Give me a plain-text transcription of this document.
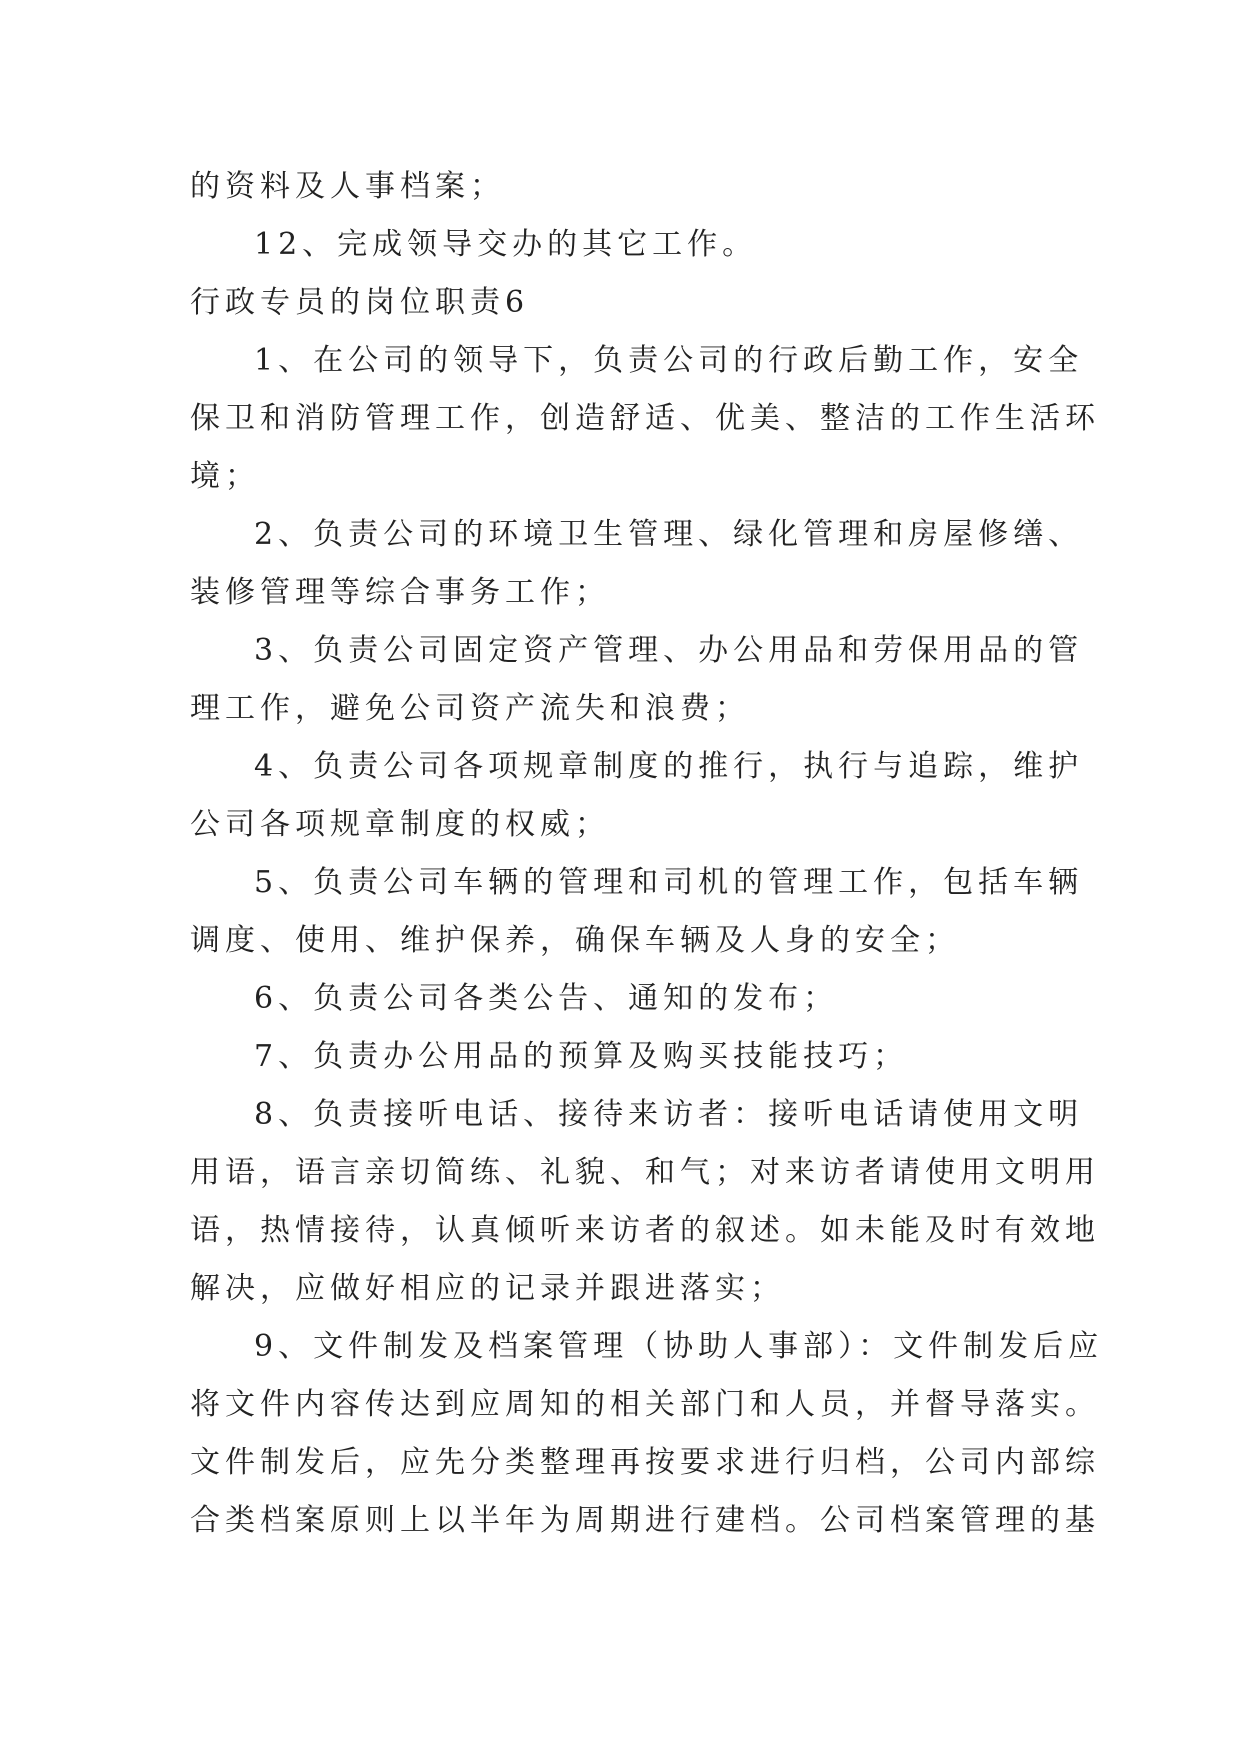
的资料及人事档案；
12、完成领导交办的其它工作。
行政专员的岗位职责6
1、在公司的领导下，负责公司的行政后勤工作，安全
保卫和消防管理工作，创造舒适、优美、整洁的工作生活环
境；
2、负责公司的环境卫生管理、绿化管理和房屋修缮、
装修管理等综合事务工作；
3、负责公司固定资产管理、办公用品和劳保用品的管
理工作，避免公司资产流失和浪费；
4、负责公司各项规章制度的推行，执行与追踪，维护
公司各项规章制度的权威；
5、负责公司车辆的管理和司机的管理工作，包括车辆
调度、使用、维护保养，确保车辆及人身的安全；
6、负责公司各类公告、通知的发布；
7、负责办公用品的预算及购买技能技巧；
8、负责接听电话、接待来访者：接听电话请使用文明
用语，语言亲切简练、礼貌、和气；对来访者请使用文明用
语，热情接待，认真倾听来访者的叙述。如未能及时有效地
解决，应做好相应的记录并跟进落实；
9、文件制发及档案管理（协助人事部）：文件制发后应
将文件内容传达到应周知的相关部门和人员，并督导落实。
文件制发后，应先分类整理再按要求进行归档，公司内部综
合类档案原则上以半年为周期进行建档。公司档案管理的基
